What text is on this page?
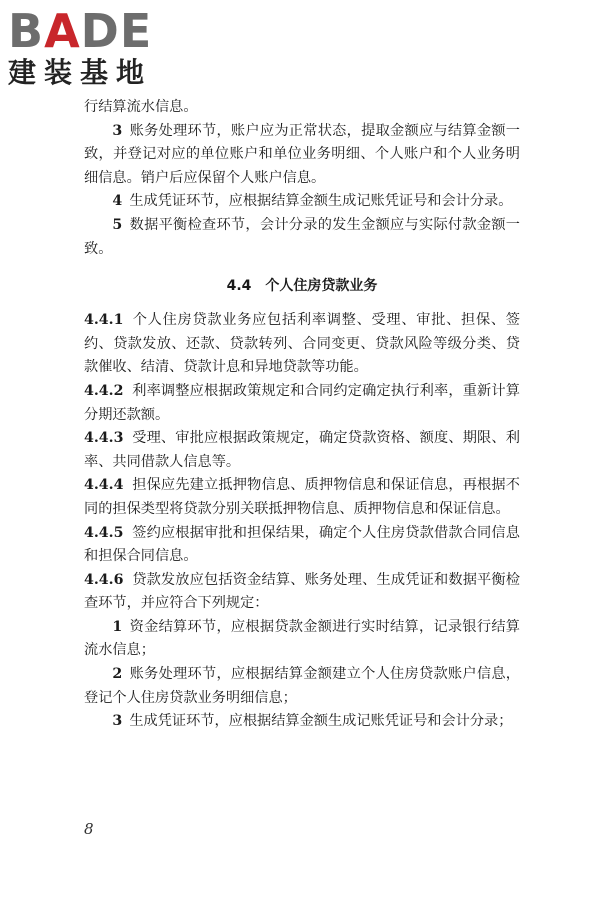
BADE
建装基地

行结算流水信息。

3 账务处理环节，账户应为正常状态，提取金额应与结算金额一致，并登记对应的单位账户和单位业务明细、个人账户和个人业务明细信息。销户后应保留个人账户信息。

4 生成凭证环节，应根据结算金额生成记账凭证号和会计分录。

5 数据平衡检查环节，会计分录的发生金额应与实际付款金额一致。

4.4 个人住房贷款业务

4.4.1 个人住房贷款业务应包括利率调整、受理、审批、担保、签约、贷款发放、还款、贷款转列、合同变更、贷款风险等级分类、贷款催收、结清、贷款计息和异地贷款等功能。

4.4.2 利率调整应根据政策规定和合同约定确定执行利率，重新计算分期还款额。

4.4.3 受理、审批应根据政策规定，确定贷款资格、额度、期限、利率、共同借款人信息等。

4.4.4 担保应先建立抵押物信息、质押物信息和保证信息，再根据不同的担保类型将贷款分别关联抵押物信息、质押物信息和保证信息。

4.4.5 签约应根据审批和担保结果，确定个人住房贷款借款合同信息和担保合同信息。

4.4.6 贷款发放应包括资金结算、账务处理、生成凭证和数据平衡检查环节，并应符合下列规定：

1 资金结算环节，应根据贷款金额进行实时结算，记录银行结算流水信息；

2 账务处理环节，应根据结算金额建立个人住房贷款账户信息，登记个人住房贷款业务明细信息；

3 生成凭证环节，应根据结算金额生成记账凭证号和会计分录；

8
